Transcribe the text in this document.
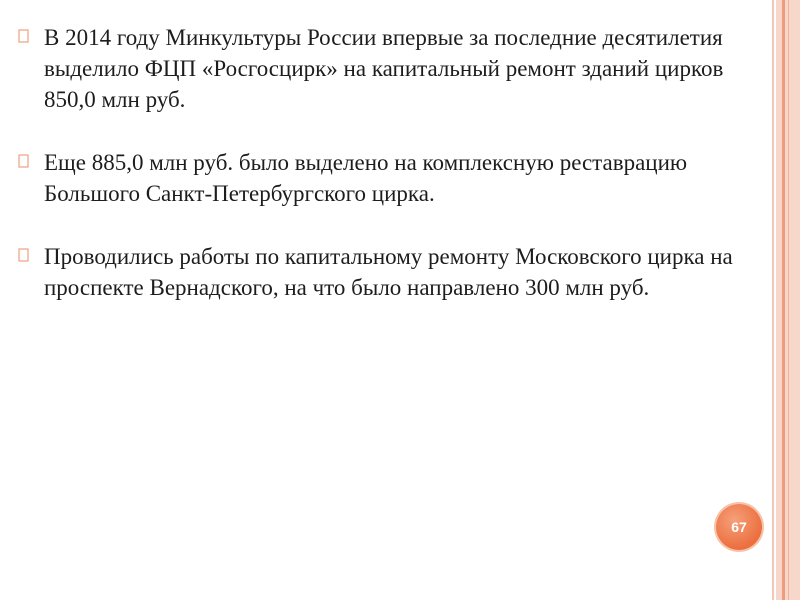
В 2014 году Минкультуры России впервые за последние десятилетия выделило ФЦП «Росгосцирк» на капитальный ремонт зданий цирков 850,0 млн руб.
Еще 885,0 млн руб. было выделено на комплексную реставрацию Большого Санкт-Петербургского цирка.
Проводились работы по капитальному ремонту Московского цирка на проспекте Вернадского, на что было направлено 300 млн руб.
67
